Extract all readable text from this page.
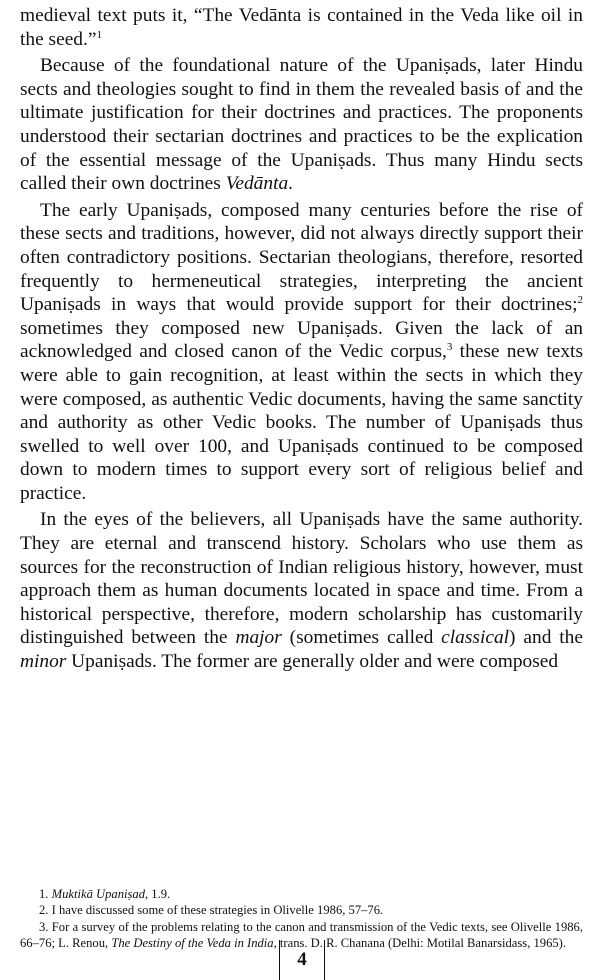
medieval text puts it, “The Vedānta is contained in the Veda like oil in the seed.”$^1$

Because of the foundational nature of the Upaniṣads, later Hindu sects and theologies sought to find in them the revealed basis of and the ultimate justification for their doctrines and practices. The proponents understood their sectarian doctrines and practices to be the explication of the essential message of the Upaniṣads. Thus many Hindu sects called their own doctrines Vedānta.

The early Upaniṣads, composed many centuries before the rise of these sects and traditions, however, did not always directly support their often contradictory positions. Sectarian theologians, therefore, resorted frequently to hermeneutical strategies, interpreting the ancient Upaniṣads in ways that would provide support for their doctrines;$^2$ sometimes they composed new Upaniṣads. Given the lack of an acknowledged and closed canon of the Vedic corpus,$^3$ these new texts were able to gain recognition, at least within the sects in which they were composed, as authentic Vedic documents, having the same sanctity and authority as other Vedic books. The number of Upaniṣads thus swelled to well over 100, and Upaniṣads continued to be composed down to modern times to support every sort of religious belief and practice.

In the eyes of the believers, all Upaniṣads have the same authority. They are eternal and transcend history. Scholars who use them as sources for the reconstruction of Indian religious history, however, must approach them as human documents located in space and time. From a historical perspective, therefore, modern scholarship has customarily distinguished between the major (sometimes called classical) and the minor Upaniṣads. The former are generally older and were composed

1. Muktikā Upaniṣad, 1.9.

2. I have discussed some of these strategies in Olivelle 1986, 57–76.

3. For a survey of the problems relating to the canon and transmission of the Vedic texts, see Olivelle 1986, 66–76; L. Renou, The Destiny of the Veda in India, trans. D. R. Chanana (Delhi: Motilal Banarsidass, 1965).

4
